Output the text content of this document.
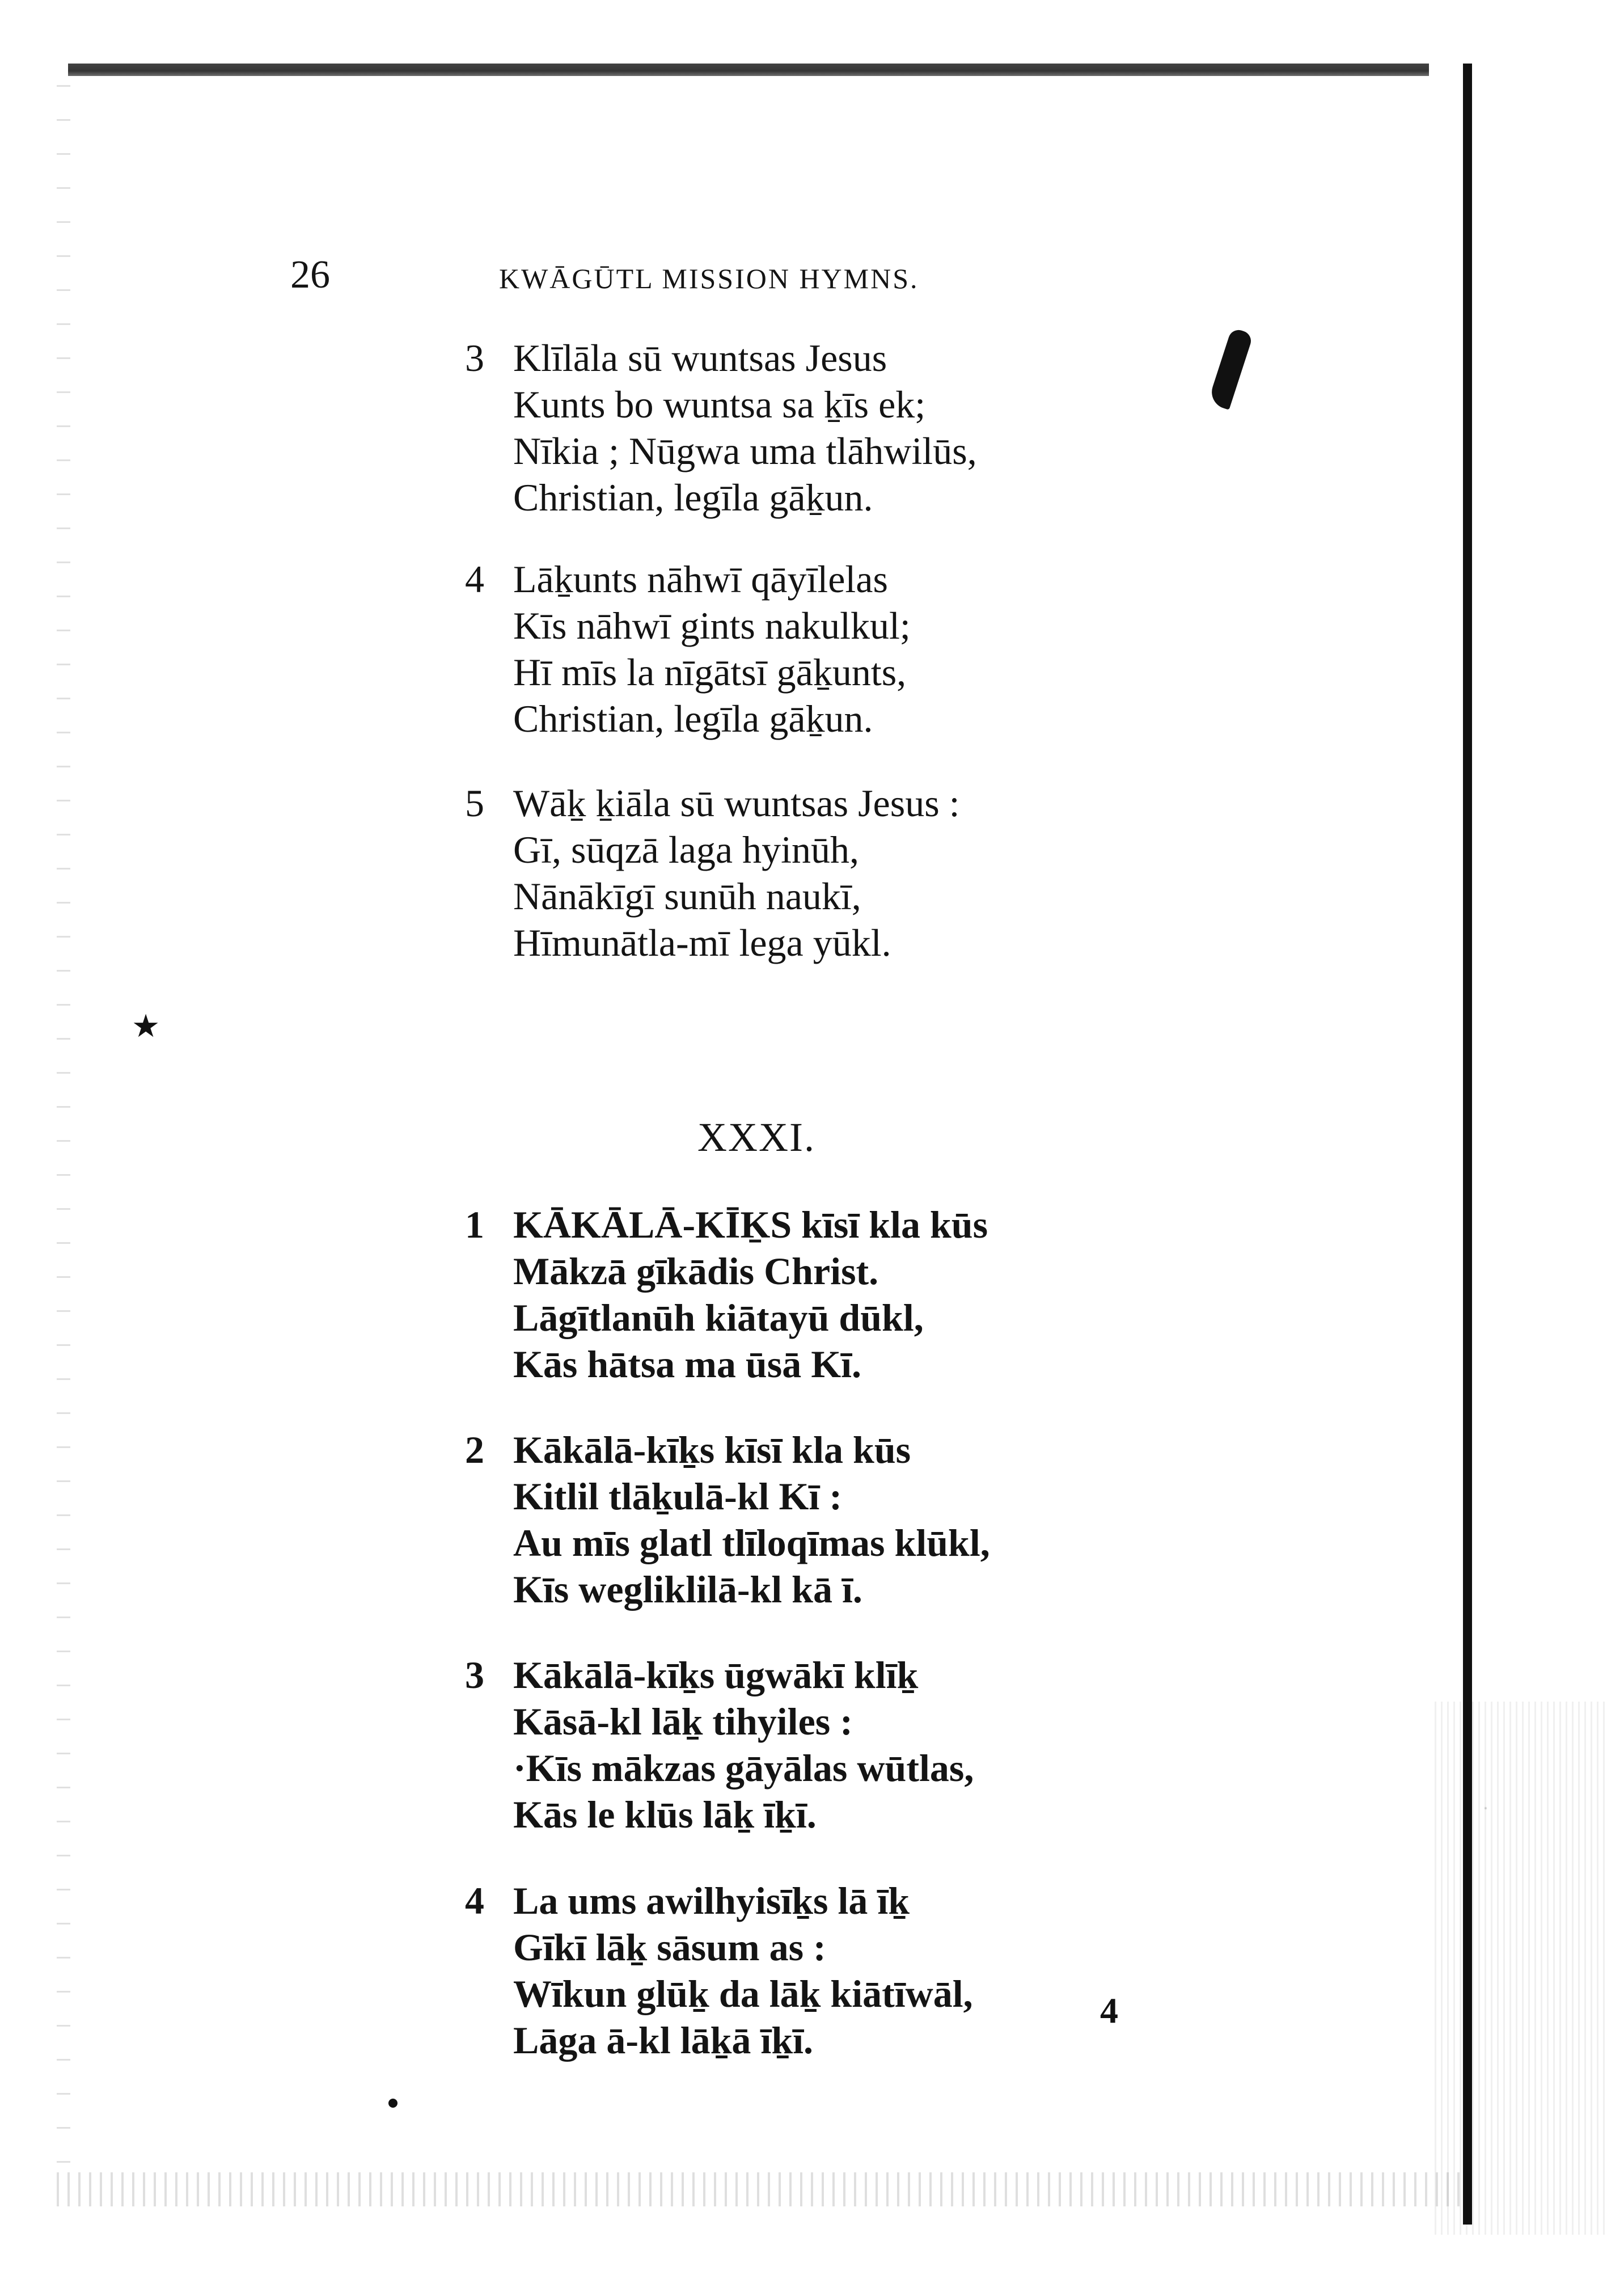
26	KWĀGŪTL MISSION HYMNS.
3 Klīlāla sū wuntsas Jesus
Kunts bo wuntsa sa ḵīs ek;
Nīkia ; Nūgwa uma tlāhwilūs,
Christian, legīla gāḵun.
4 Lāḵunts nāhwī qāyīlelas
Kīs nāhwī gints nakulkul;
Hī mīs la nīgātsī gāḵunts,
Christian, legīla gāḵun.
5 Wāḵ ḵiāla sū wuntsas Jesus :
Gī, sūqzā laga hyinūh,
Nānākīgī sunūh naukī,
Hīmunātla-mī lega yūkl.
XXXI.
1 KĀKĀLĀ-KĪḴS kīsī kla kūs
Mākzā gīkādis Christ.
Lāgītlanūh kiātayū dūkl,
Kās hātsa ma ūsā Kī.
2 Kākālā-kīḵs kīsī kla kūs
Kitlil tlāḵulā-kl Kī :
Au mīs glatl tlīloqīmas klūkl,
Kīs wegliklilā-kl kā ī.
3 Kākālā-kīḵs ūgwākī klīḵ
Kāsā-kl lāḵ tihyiles :
·Kīs mākzas gāyālas wūtlas,
Kās le klūs lāḵ īḵī.
4 La ums awilhyisīḵs lā īḵ
Gīkī lāḵ sāsum as :
Wīkun glūḵ da lāḵ kiātīwāl,
Lāga ā-kl lāḵā īḵī.
★
4
